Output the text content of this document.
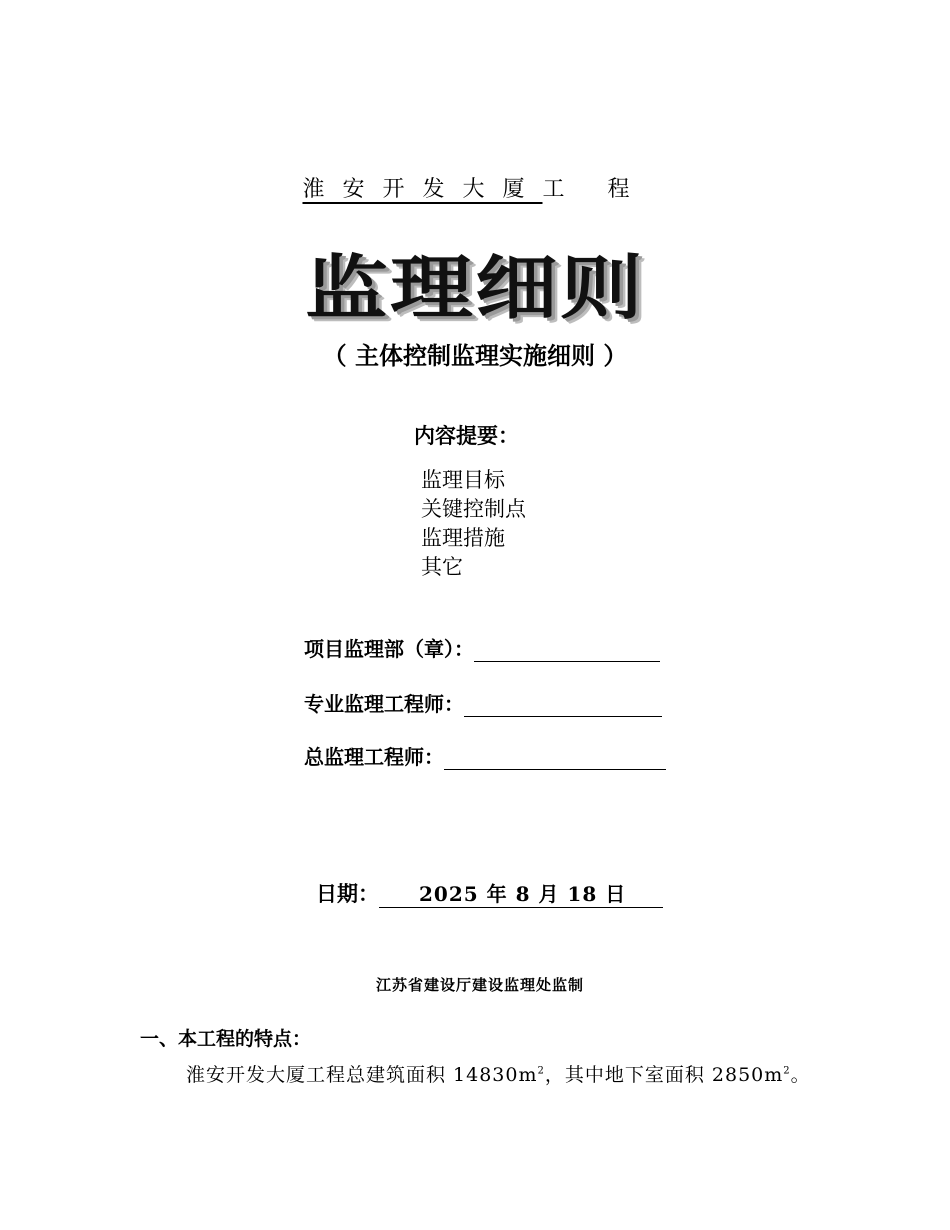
淮安开发大厦工 程
监理细则
（ 主体控制监理实施细则 ）
内容提要：
监理目标
关键控制点
监理措施
其它
项目监理部（章）：
专业监理工程师：
总监理工程师：
日期：	2025 年 8 月 18 日
江苏省建设厅建设监理处监制
一、本工程的特点：
淮安开发大厦工程总建筑面积 $14830m^2$，其中地下室面积 $2850m^2$。
